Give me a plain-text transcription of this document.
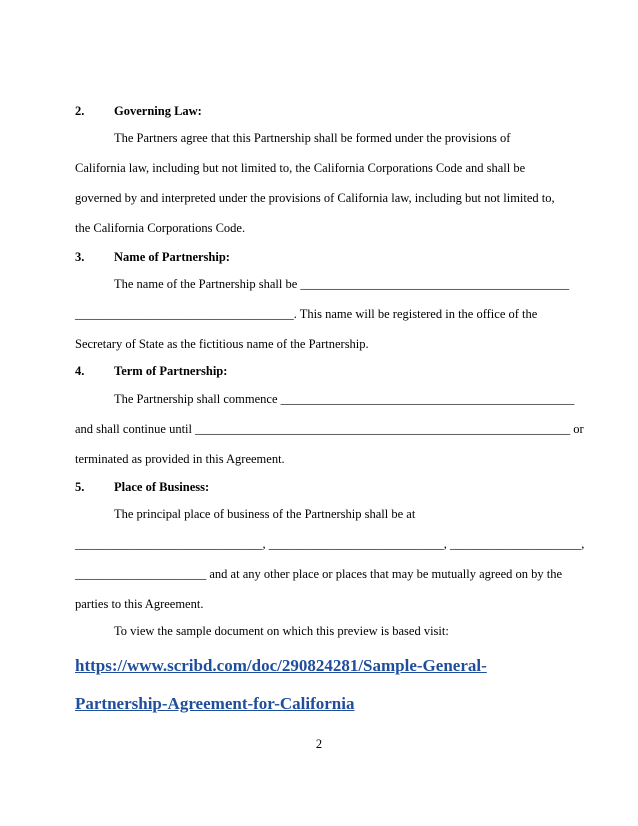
2. Governing Law:
The Partners agree that this Partnership shall be formed under the provisions of
California law, including but not limited to, the California Corporations Code and shall be
governed by and interpreted under the provisions of California law, including but not limited to,
the California Corporations Code.
3. Name of Partnership:
The name of the Partnership shall be ___________________________________________
___________________________________. This name will be registered in the office of the
Secretary of State as the fictitious name of the Partnership.
4. Term of Partnership:
The Partnership shall commence _______________________________________________
and shall continue until ____________________________________________________________ or
terminated as provided in this Agreement.
5. Place of Business:
The principal place of business of the Partnership shall be at
______________________________, ____________________________, _____________________,
_____________________ and at any other place or places that may be mutually agreed on by the
parties to this Agreement.
To view the sample document on which this preview is based visit:
https://www.scribd.com/doc/290824281/Sample-General-
Partnership-Agreement-for-California
2
